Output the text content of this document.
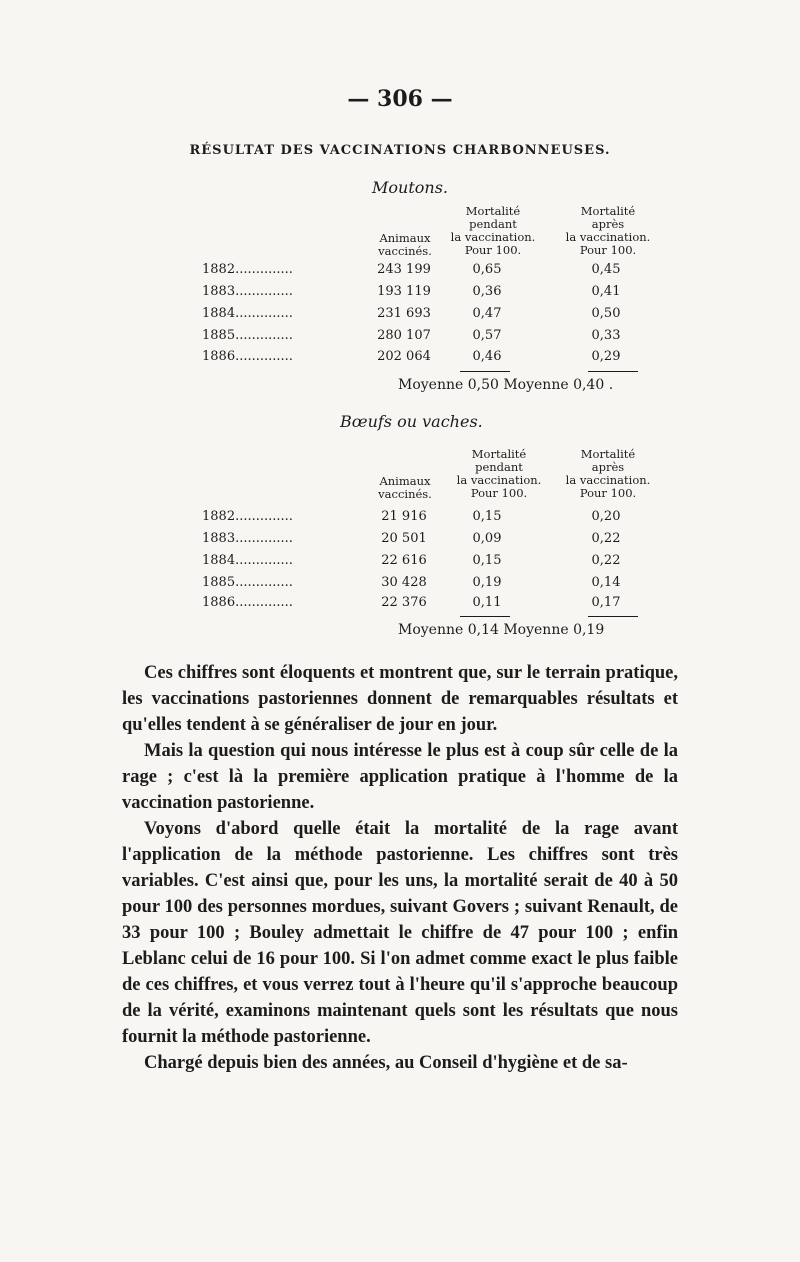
— 306 —
RÉSULTAT DES VACCINATIONS CHARBONNEUSES.
Moutons.
Animaux
vaccinés.
Mortalité
pendant
la vaccination.
Pour 100.
Mortalité
après
la vaccination.
Pour 100.
1882..............	243 199	0,65	0,45
1883..............	193 119	0,36	0,41
1884..............	231 693	0,47	0,50
1885..............	280 107	0,57	0,33
1886..............	202 064	0,46	0,29
Moyenne 0,50 Moyenne 0,40 .
Bœufs ou vaches.
Animaux
vaccinés.
Mortalité
pendant
la vaccination.
Pour 100.
Mortalité
après
la vaccination.
Pour 100.
1882..............	21 916	0,15	0,20
1883..............	20 501	0,09	0,22
1884..............	22 616	0,15	0,22
1885..............	30 428	0,19	0,14
1886..............	22 376	0,11	0,17
Moyenne 0,14 Moyenne 0,19

Ces chiffres sont éloquents et montrent que, sur le terrain pratique, les vaccinations pastoriennes donnent de remarquables résultats et qu'elles tendent à se généraliser de jour en jour.

Mais la question qui nous intéresse le plus est à coup sûr celle de la rage ; c'est là la première application pratique à l'homme de la vaccination pastorienne.

Voyons d'abord quelle était la mortalité de la rage avant l'application de la méthode pastorienne. Les chiffres sont très variables. C'est ainsi que, pour les uns, la mortalité serait de 40 à 50 pour 100 des personnes mordues, suivant Govers ; suivant Renault, de 33 pour 100 ; Bouley admettait le chiffre de 47 pour 100 ; enfin Leblanc celui de 16 pour 100. Si l'on admet comme exact le plus faible de ces chiffres, et vous verrez tout à l'heure qu'il s'approche beaucoup de la vérité, examinons maintenant quels sont les résultats que nous fournit la méthode pastorienne.

Chargé depuis bien des années, au Conseil d'hygiène et de sa-
